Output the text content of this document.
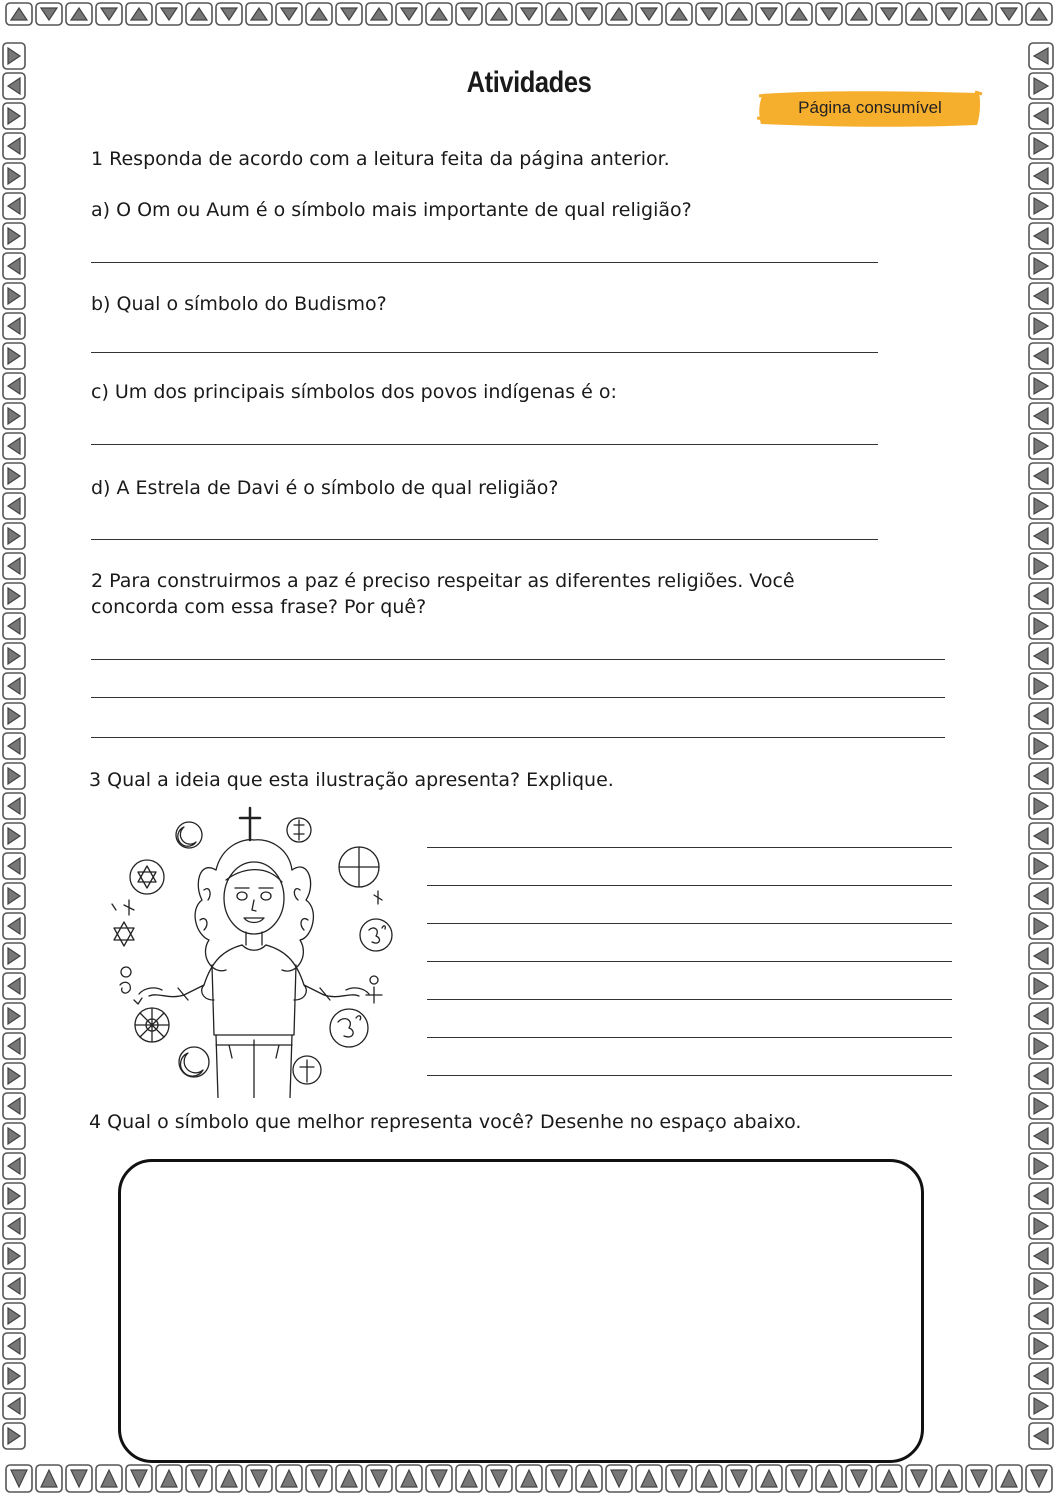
Atividades
Página consumível
1 Responda de acordo com a leitura feita da página anterior.
a) O Om ou Aum é o símbolo mais importante de qual religião?
b) Qual o símbolo do Budismo?
c) Um dos principais símbolos dos povos indígenas é o:
d) A Estrela de Davi é o símbolo de qual religião?
2 Para construirmos a paz é preciso respeitar as diferentes religiões. Você
concorda com essa frase? Por quê?
3 Qual a ideia que esta ilustração apresenta? Explique.
4 Qual o símbolo que melhor representa você? Desenhe no espaço abaixo.
